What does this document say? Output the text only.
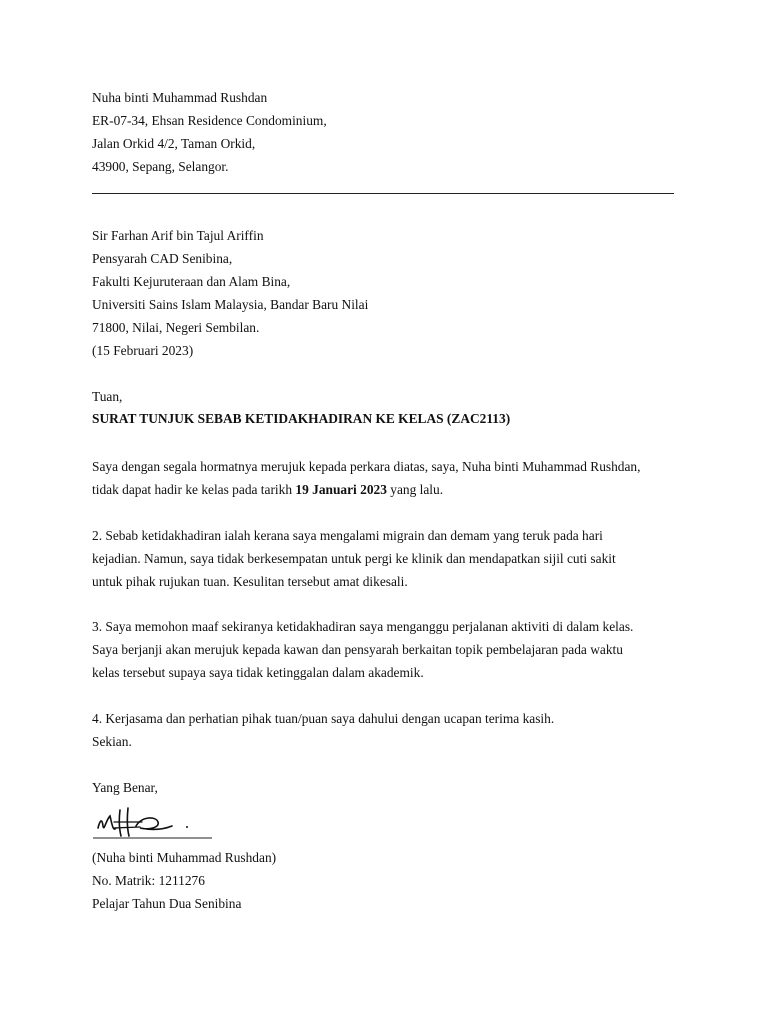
Nuha binti Muhammad Rushdan
ER-07-34, Ehsan Residence Condominium,
Jalan Orkid 4/2, Taman Orkid,
43900, Sepang, Selangor.
Sir Farhan Arif bin Tajul Ariffin
Pensyarah CAD Senibina,
Fakulti Kejuruteraan dan Alam Bina,
Universiti Sains Islam Malaysia, Bandar Baru Nilai
71800, Nilai, Negeri Sembilan.
(15 Februari 2023)
Tuan,
SURAT TUNJUK SEBAB KETIDAKHADIRAN KE KELAS (ZAC2113)
Saya dengan segala hormatnya merujuk kepada perkara diatas, saya, Nuha binti Muhammad Rushdan,
tidak dapat hadir ke kelas pada tarikh 19 Januari 2023 yang lalu.
2. Sebab ketidakhadiran ialah kerana saya mengalami migrain dan demam yang teruk pada hari
kejadian. Namun, saya tidak berkesempatan untuk pergi ke klinik dan mendapatkan sijil cuti sakit
untuk pihak rujukan tuan. Kesulitan tersebut amat dikesali.
3. Saya memohon maaf sekiranya ketidakhadiran saya menganggu perjalanan aktiviti di dalam kelas.
Saya berjanji akan merujuk kepada kawan dan pensyarah berkaitan topik pembelajaran pada waktu
kelas tersebut supaya saya tidak ketinggalan dalam akademik.
4. Kerjasama dan perhatian pihak tuan/puan saya dahului dengan ucapan terima kasih.
Sekian.
Yang Benar,
(Nuha binti Muhammad Rushdan)
No. Matrik: 1211276
Pelajar Tahun Dua Senibina
